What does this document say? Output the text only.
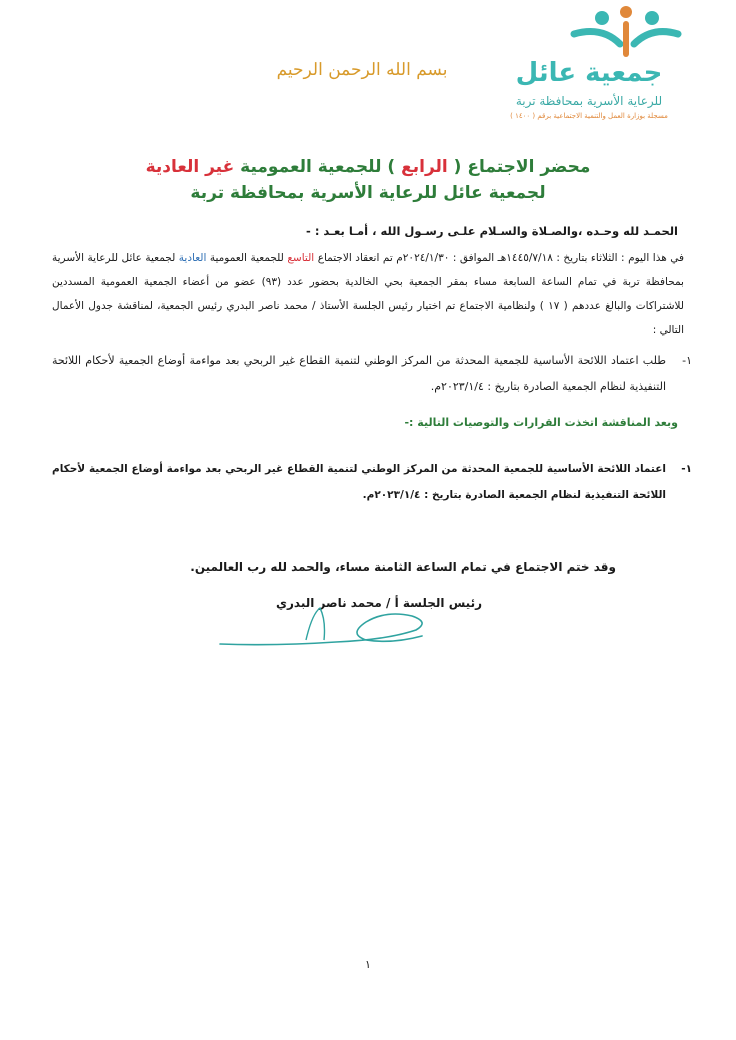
جمعية عائل
للرعاية الأسرية بمحافظة تربة
مسجلة بوزارة العمل والتنمية الاجتماعية برقم ( ١٤٠٠ )
بسم الله الرحمن الرحيم
محضر الاجتماع ( الرابع ) للجمعية العمومية غير العادية
لجمعية عائل للرعاية الأسرية بمحافظة تربة
الحمـد لله وحـده ،والصـلاة والسـلام علـى رسـول الله ، أمـا بعـد : -
في هذا اليوم : الثلاثاء بتاريخ : ١٤٤٥/٧/١٨هـ الموافق : ٢٠٢٤/١/٣٠م تم انعقاد الاجتماع التاسع للجمعية العمومية العادية لجمعية عائل للرعاية الأسرية بمحافظة تربة في تمام الساعة السابعة مساء بمقر الجمعية بحي الخالدية بحضور عدد (٩٣) عضو من أعضاء الجمعية العمومية المسددين للاشتراكات والبالغ عددهم ( ١٧ ) ولنظامية الاجتماع تم اختيار رئيس الجلسة الأستاذ / محمد ناصر البدري رئيس الجمعية، لمناقشة جدول الأعمال التالي :
١-
طلب اعتماد اللائحة الأساسية للجمعية المحدثة من المركز الوطني لتنمية القطاع غير الربحي بعد مواءمة أوضاع الجمعية لأحكام اللائحة التنفيذية لنظام الجمعية الصادرة بتاريخ : ٢٠٢٣/١/٤م.
وبعد المناقشة اتخذت القرارات والتوصيات التالية :-
١-
اعتماد اللائحة الأساسية للجمعية المحدثة من المركز الوطني لتنمية القطاع غير الربحي بعد مواءمة أوضاع الجمعية لأحكام اللائحة التنفيذية لنظام الجمعية الصادرة بتاريخ : ٢٠٢٣/١/٤م.
وقد ختم الاجتماع في تمام الساعة الثامنة مساء، والحمد لله رب العالمين.
رئيس الجلسة أ / محمد ناصر البدري
١
